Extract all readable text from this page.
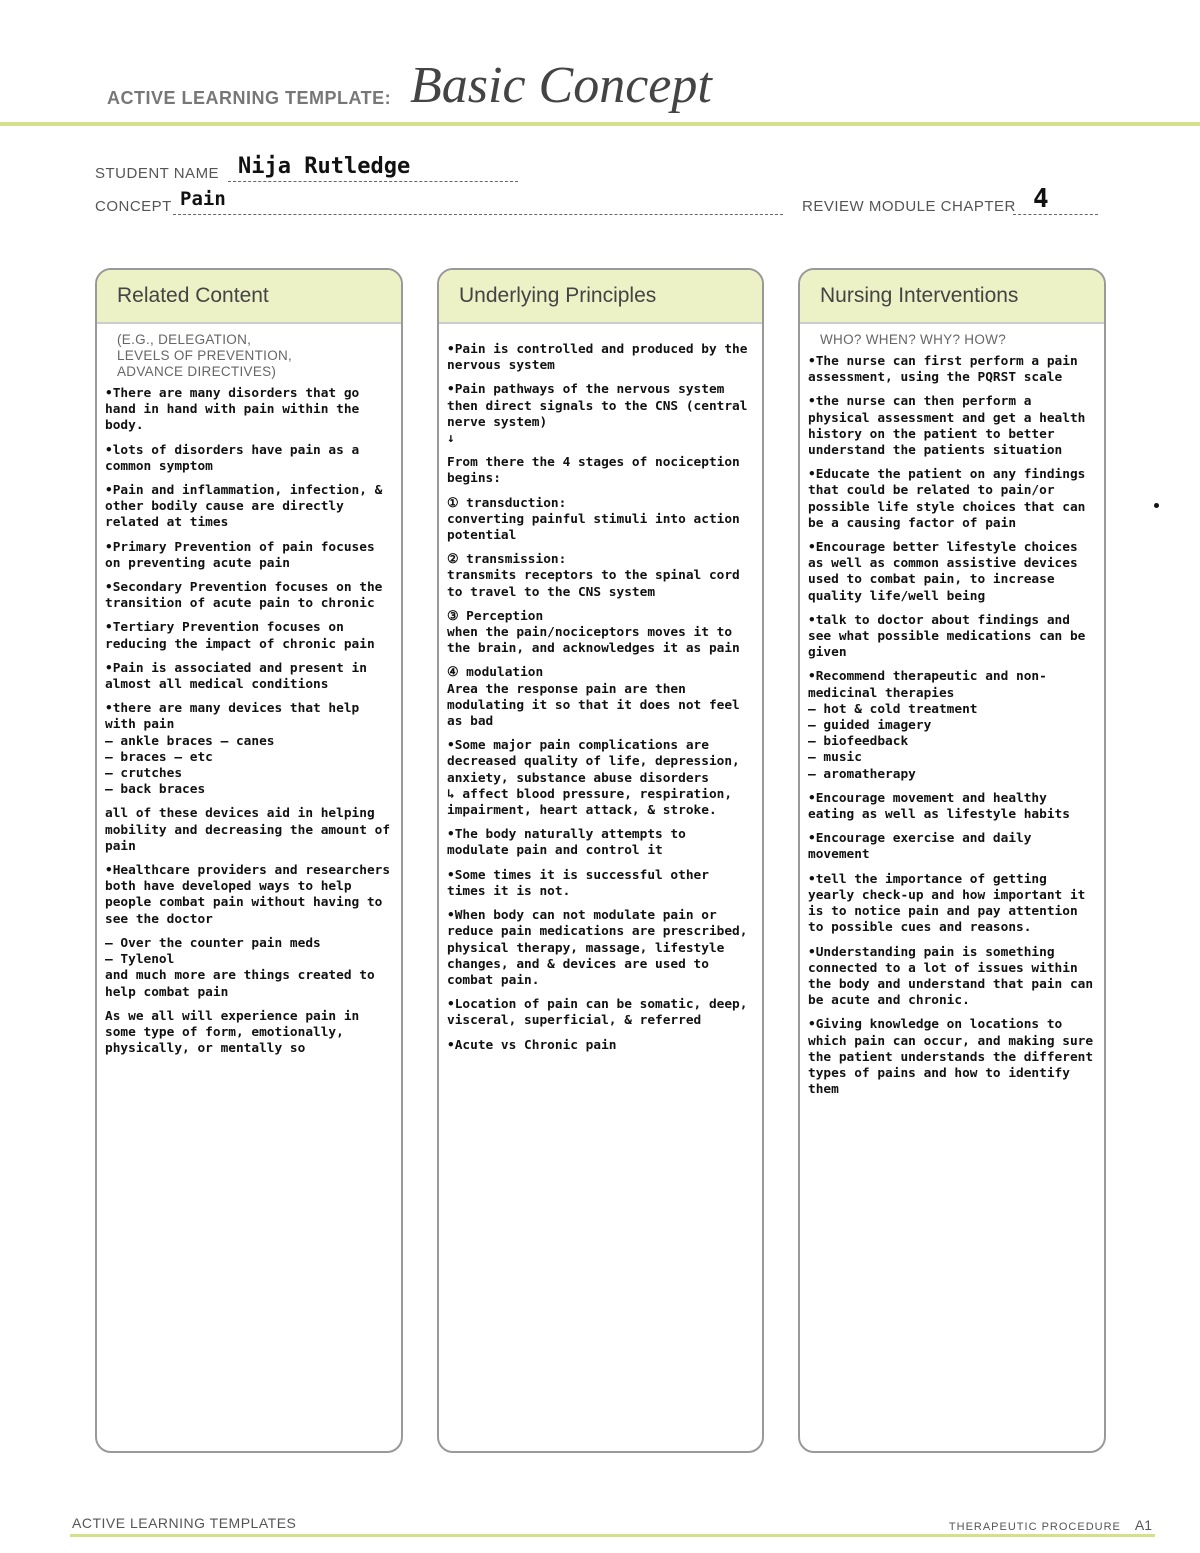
ACTIVE LEARNING TEMPLATE: Basic Concept
STUDENT NAME Nija Rutledge
CONCEPT Pain	REVIEW MODULE CHAPTER 4
Related Content
(E.G., DELEGATION,
LEVELS OF PREVENTION,
ADVANCE DIRECTIVES)

•There are many disorders that go hand in hand with pain within the body.

•lots of disorders have pain as a common symptom

•Pain and inflammation, infection, & other bodily cause are directly related at times

•Primary Prevention of pain focuses on preventing acute pain

•Secondary Prevention focuses on the transition of acute pain to chronic

•Tertiary Prevention focuses on reducing the impact of chronic pain

•Pain is associated and present in almost all medical conditions

•there are many devices that help with pain
– ankle braces – canes
– braces – etc
– crutches
– back braces

all of these devices aid in helping mobility and decreasing the amount of pain

•Healthcare providers and researchers both have developed ways to help people combat pain without having to see the doctor

– Over the counter pain meds
– Tylenol
and much more are things created to help combat pain

As we all will experience pain in some type of form, emotionally, physically, or mentally so

Underlying Principles

•Pain is controlled and produced by the nervous system

•Pain pathways of the nervous system then direct signals to the CNS (central nerve system)
↓

From there the 4 stages of nociception begins:

① transduction:
converting painful stimuli into action potential

② transmission:
transmits receptors to the spinal cord to travel to the CNS system

③ Perception
when the pain/nociceptors moves it to the brain, and acknowledges it as pain

④ modulation
Area the response pain are then modulating it so that it does not feel as bad

•Some major pain complications are decreased quality of life, depression, anxiety, substance abuse disorders
↳ affect blood pressure, respiration, impairment, heart attack, & stroke.

•The body naturally attempts to modulate pain and control it

•Some times it is successful other times it is not.

•When body can not modulate pain or reduce pain medications are prescribed, physical therapy, massage, lifestyle changes, and & devices are used to combat pain.

•Location of pain can be somatic, deep, visceral, superficial, & referred

•Acute vs Chronic pain

Nursing Interventions
WHO? WHEN? WHY? HOW?

•The nurse can first perform a pain assessment, using the PQRST scale

•the nurse can then perform a physical assessment and get a health history on the patient to better understand the patients situation

•Educate the patient on any findings that could be related to pain/or possible life style choices that can be a causing factor of pain

•Encourage better lifestyle choices as well as common assistive devices used to combat pain, to increase quality life/well being

•talk to doctor about findings and see what possible medications can be given

•Recommend therapeutic and non-medicinal therapies
– hot & cold treatment
– guided imagery
– biofeedback
– music
– aromatherapy

•Encourage movement and healthy eating as well as lifestyle habits

•Encourage exercise and daily movement

•tell the importance of getting yearly check-up and how important it is to notice pain and pay attention to possible cues and reasons.

•Understanding pain is something connected to a lot of issues within the body and understand that pain can be acute and chronic.

•Giving knowledge on locations to which pain can occur, and making sure the patient understands the different types of pains and how to identify them

ACTIVE LEARNING TEMPLATES	THERAPEUTIC PROCEDURE A1
